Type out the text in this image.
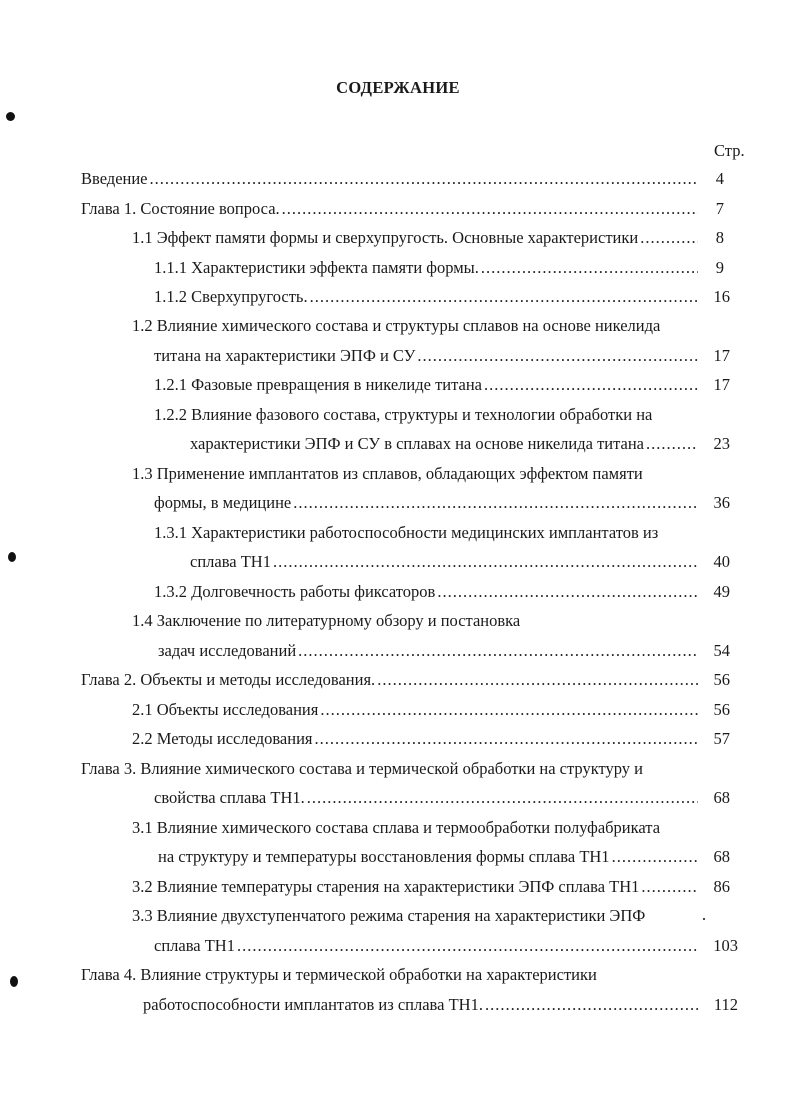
СОДЕРЖАНИЕ
Стр.
Введение .....	4
Глава 1. Состояние вопроса. .....	7
1.1 Эффект памяти формы и сверхупругость. Основные характеристики .....	8
1.1.1 Характеристики эффекта памяти формы. .....	9
1.1.2 Сверхупругость. .....	16
1.2 Влияние химического состава и структуры сплавов на основе никелида
титана на характеристики ЭПФ и СУ .....	17
1.2.1 Фазовые превращения в никелиде титана .....	17
1.2.2 Влияние фазового состава, структуры и технологии обработки на
характеристики ЭПФ и СУ в сплавах на основе никелида титана .....	23
1.3 Применение имплантатов из сплавов, обладающих эффектом памяти
формы, в медицине .....	36
1.3.1 Характеристики работоспособности медицинских имплантатов из
сплава ТН1 .....	40
1.3.2 Долговечность работы фиксаторов .....	49
1.4 Заключение по литературному обзору и постановка
задач исследований .....	54
Глава 2. Объекты и методы исследования. .....	56
2.1 Объекты исследования .....	56
2.2 Методы исследования .....	57
Глава 3. Влияние химического состава и термической обработки на структуру и
свойства сплава ТН1. .....	68
3.1 Влияние химического состава сплава и термообработки полуфабриката
на структуру и температуры восстановления формы сплава ТН1 .....	68
3.2 Влияние температуры старения на характеристики ЭПФ сплава ТН1 .....	86
3.3 Влияние двухступенчатого режима старения на характеристики ЭПФ
сплава ТН1 .....	103
Глава 4. Влияние структуры и термической обработки на характеристики
работоспособности имплантатов из сплава ТН1. .....	112
